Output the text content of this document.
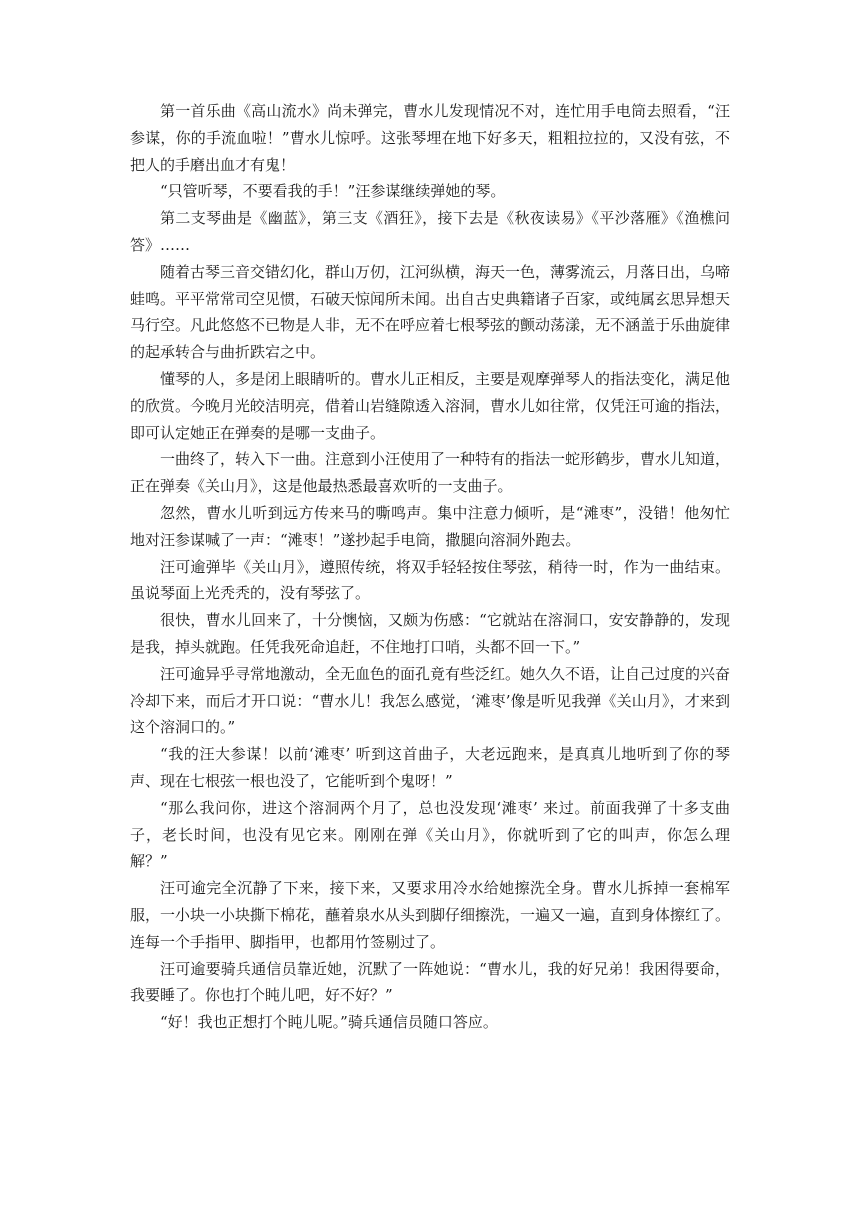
第一首乐曲《高山流水》尚未弹完，曹水儿发现情况不对，连忙用手电筒去照看，“汪参谋，你的手流血啦！”曹水儿惊呼。这张琴埋在地下好多天，粗粗拉拉的，又没有弦，不把人的手磨出血才有鬼！

“只管听琴，不要看我的手！”汪参谋继续弹她的琴。

第二支琴曲是《幽蓝》，第三支《酒狂》，接下去是《秋夜读易》《平沙落雁》《渔樵问答》……

随着古琴三音交错幻化，群山万仞，江河纵横，海天一色，薄雾流云，月落日出，乌啼蛙鸣。平平常常司空见惯，石破天惊闻所未闻。出自古史典籍诸子百家，或纯属玄思异想天马行空。凡此悠悠不已物是人非，无不在呼应着七根琴弦的颤动荡漾，无不涵盖于乐曲旋律的起承转合与曲折跌宕之中。

懂琴的人，多是闭上眼睛听的。曹水儿正相反，主要是观摩弹琴人的指法变化，满足他的欣赏。今晚月光皎洁明亮，借着山岩缝隙透入溶洞，曹水儿如往常，仅凭汪可逾的指法，即可认定她正在弹奏的是哪一支曲子。

一曲终了，转入下一曲。注意到小汪使用了一种特有的指法一蛇形鹤步，曹水儿知道，正在弹奏《关山月》，这是他最热悉最喜欢听的一支曲子。

忽然，曹水儿听到远方传来马的嘶鸣声。集中注意力倾听，是“滩枣”，没错！他匆忙地对汪参谋喊了一声：“滩枣！”遂抄起手电筒，撒腿向溶洞外跑去。

汪可逾弹毕《关山月》，遵照传统，将双手轻轻按住琴弦，稍待一时，作为一曲结束。虽说琴面上光秃秃的，没有琴弦了。

很快，曹水儿回来了，十分懊恼，又颇为伤感：“它就站在溶洞口，安安静静的，发现是我，掉头就跑。任凭我死命追赶，不住地打口哨，头都不回一下。”

汪可逾异乎寻常地激动，全无血色的面孔竟有些泛红。她久久不语，让自己过度的兴奋冷却下来，而后才开口说：“曹水儿！我怎么感觉，‘滩枣’像是听见我弹《关山月》，才来到这个溶洞口的。”

“我的汪大参谋！以前‘滩枣’ 听到这首曲子，大老远跑来，是真真儿地听到了你的琴声、现在七根弦一根也没了，它能听到个鬼呀！”

“那么我问你，进这个溶洞两个月了，总也没发现‘滩枣’ 来过。前面我弹了十多支曲子，老长时间，也没有见它来。刚刚在弹《关山月》，你就听到了它的叫声，你怎么理解？”

汪可逾完全沉静了下来，接下来，又要求用冷水给她擦洗全身。曹水儿拆掉一套棉军服，一小块一小块撕下棉花，蘸着泉水从头到脚仔细擦洗，一遍又一遍，直到身体擦红了。连每一个手指甲、脚指甲，也都用竹签剔过了。

汪可逾要骑兵通信员靠近她，沉默了一阵她说：“曹水儿，我的好兄弟！我困得要命，我要睡了。你也打个盹儿吧，好不好？”

“好！我也正想打个盹儿呢。”骑兵通信员随口答应。
